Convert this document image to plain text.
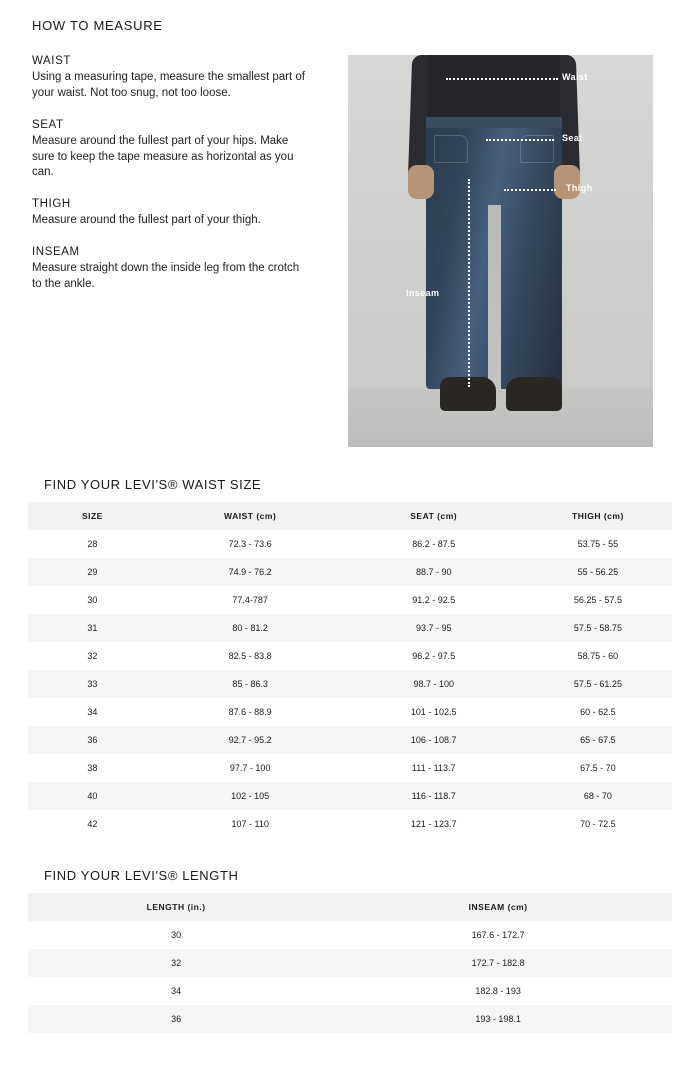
HOW TO MEASURE
WAIST
Using a measuring tape, measure the smallest part of your waist. Not too snug, not too loose.
SEAT
Measure around the fullest part of your hips. Make sure to keep the tape measure as horizontal as you can.
THIGH
Measure around the fullest part of your thigh.
INSEAM
Measure straight down the inside leg from the crotch to the ankle.
Waist
Seat
Thigh
Inseam
FIND YOUR LEVI'S® WAIST SIZE
SIZE	WAIST (cm)	SEAT (cm)	THIGH (cm)
28	72.3 - 73.6	86.2 - 87.5	53.75 - 55
29	74.9 - 76.2	88.7 - 90	55 - 56.25
30	77.4-787	91.2 - 92.5	56.25 - 57.5
31	80 - 81.2	93.7 - 95	57.5 - 58.75
32	82.5 - 83.8	96.2 - 97.5	58.75 - 60
33	85 - 86.3	98.7 - 100	57.5 - 61.25
34	87.6 - 88.9	101 - 102.5	60 - 62.5
36	92.7 - 95.2	106 - 108.7	65 - 67.5
38	97.7 - 100	111 - 113.7	67.5 - 70
40	102 - 105	116 - 118.7	68 - 70
42	107 - 110	121 - 123.7	70 - 72.5
FIND YOUR LEVI'S® LENGTH
LENGTH (in.)	INSEAM (cm)
30	167.6 - 172.7
32	172.7 - 182.8
34	182.8 - 193
36	193 - 198.1
